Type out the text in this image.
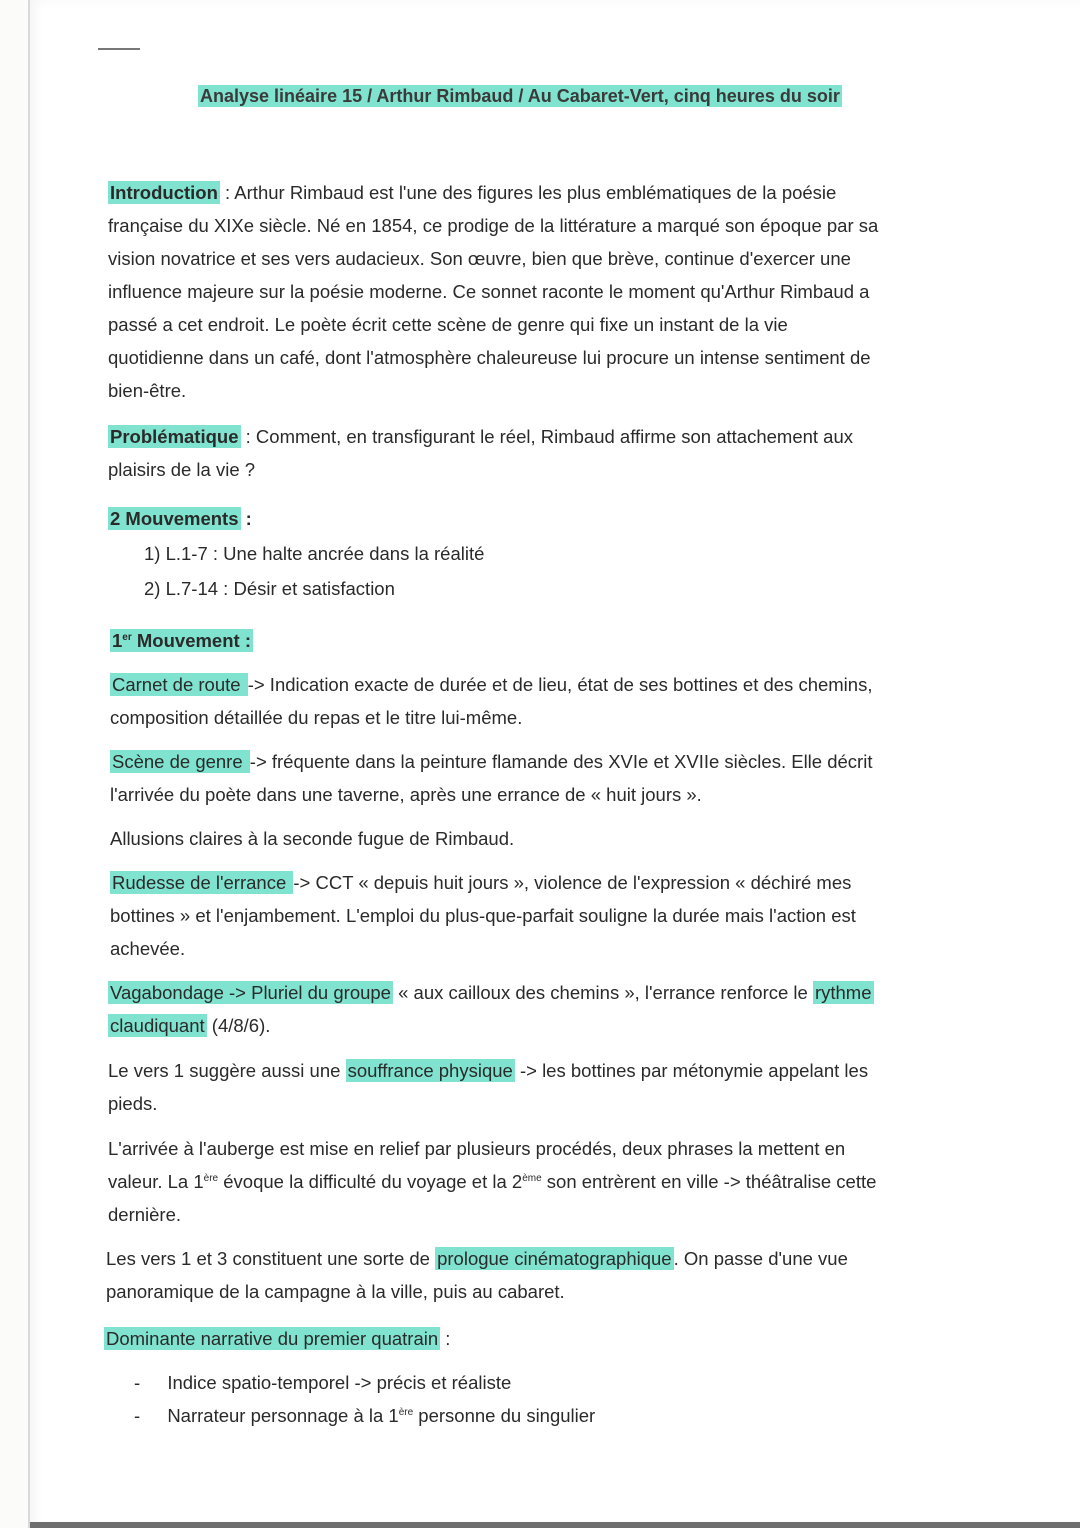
Analyse linéaire 15 / Arthur Rimbaud / Au Cabaret-Vert, cinq heures du soir
Introduction : Arthur Rimbaud est l'une des figures les plus emblématiques de la poésie
française du XIXe siècle. Né en 1854, ce prodige de la littérature a marqué son époque par sa
vision novatrice et ses vers audacieux. Son œuvre, bien que brève, continue d'exercer une
influence majeure sur la poésie moderne. Ce sonnet raconte le moment qu'Arthur Rimbaud a
passé a cet endroit. Le poète écrit cette scène de genre qui fixe un instant de la vie
quotidienne dans un café, dont l'atmosphère chaleureuse lui procure un intense sentiment de
bien-être.
Problématique : Comment, en transfigurant le réel, Rimbaud affirme son attachement aux
plaisirs de la vie ?
2 Mouvements :
1) L.1-7 : Une halte ancrée dans la réalité
2) L.7-14 : Désir et satisfaction
1er Mouvement :
Carnet de route -> Indication exacte de durée et de lieu, état de ses bottines et des chemins,
composition détaillée du repas et le titre lui-même.
Scène de genre -> fréquente dans la peinture flamande des XVIe et XVIIe siècles. Elle décrit
l'arrivée du poète dans une taverne, après une errance de « huit jours ».
Allusions claires à la seconde fugue de Rimbaud.
Rudesse de l'errance -> CCT « depuis huit jours », violence de l'expression « déchiré mes
bottines » et l'enjambement. L'emploi du plus-que-parfait souligne la durée mais l'action est
achevée.
Vagabondage -> Pluriel du groupe « aux cailloux des chemins », l'errance renforce le rythme
claudiquant (4/8/6).
Le vers 1 suggère aussi une souffrance physique -> les bottines par métonymie appelant les
pieds.
L'arrivée à l'auberge est mise en relief par plusieurs procédés, deux phrases la mettent en
valeur. La 1ère évoque la difficulté du voyage et la 2ème son entrèrent en ville -> théâtralise cette
dernière.
Les vers 1 et 3 constituent une sorte de prologue cinématographique . On passe d'une vue
panoramique de la campagne à la ville, puis au cabaret.
Dominante narrative du premier quatrain :
- Indice spatio-temporel -> précis et réaliste
- Narrateur personnage à la 1ère personne du singulier
